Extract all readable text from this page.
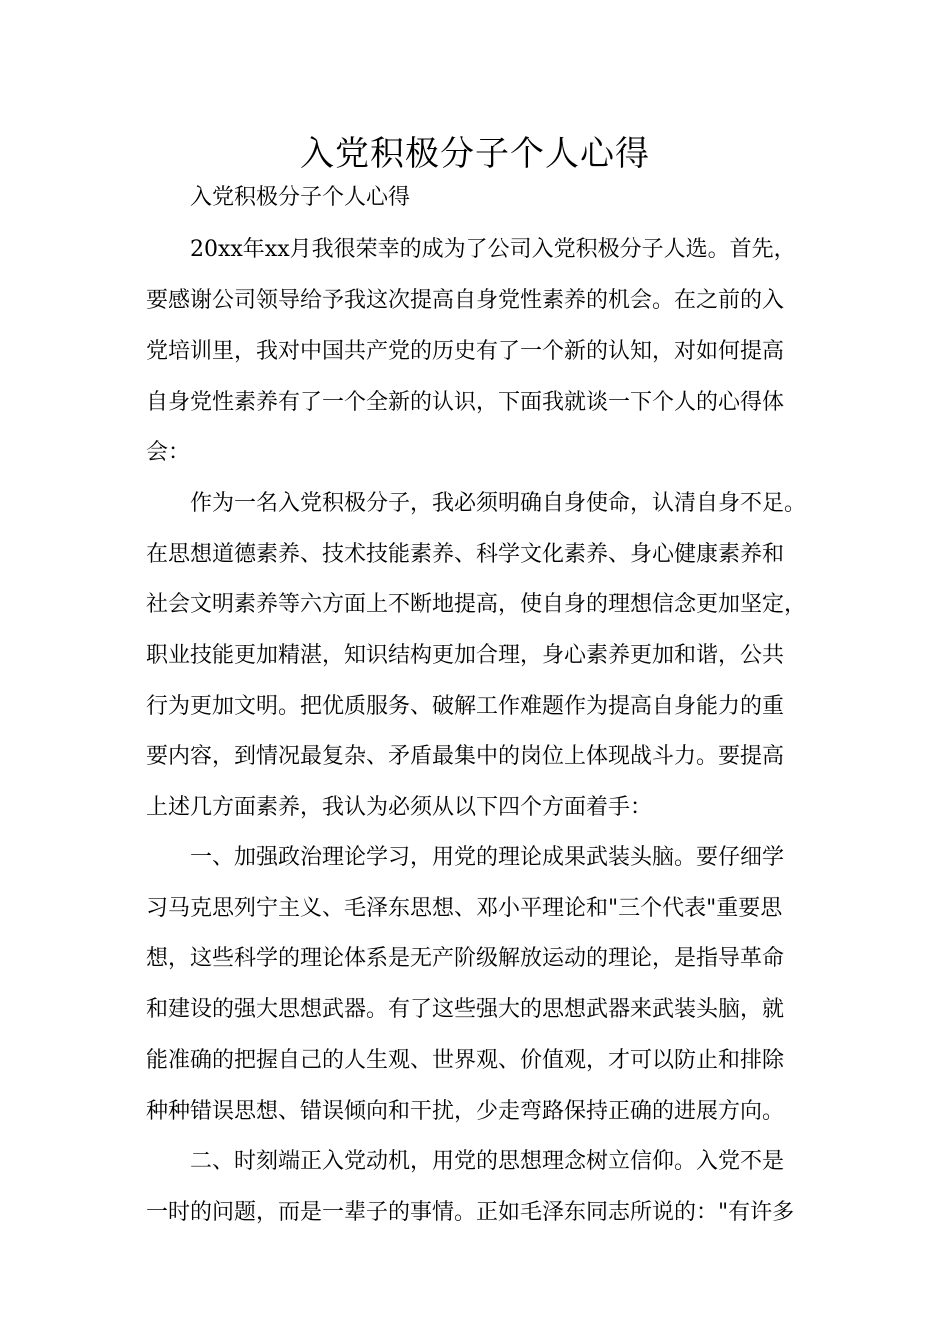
入党积极分子个人心得

入党积极分子个人心得

20xx年xx月我很荣幸的成为了公司入党积极分子人选。首先，

要感谢公司领导给予我这次提高自身党性素养的机会。在之前的入

党培训里，我对中国共产党的历史有了一个新的认知，对如何提高

自身党性素养有了一个全新的认识，下面我就谈一下个人的心得体

会：

作为一名入党积极分子，我必须明确自身使命，认清自身不足。

在思想道德素养、技术技能素养、科学文化素养、身心健康素养和

社会文明素养等六方面上不断地提高，使自身的理想信念更加坚定，

职业技能更加精湛，知识结构更加合理，身心素养更加和谐，公共

行为更加文明。把优质服务、破解工作难题作为提高自身能力的重

要内容，到情况最复杂、矛盾最集中的岗位上体现战斗力。要提高

上述几方面素养，我认为必须从以下四个方面着手：

一、加强政治理论学习，用党的理论成果武装头脑。要仔细学

习马克思列宁主义、毛泽东思想、邓小平理论和"三个代表"重要思

想，这些科学的理论体系是无产阶级解放运动的理论，是指导革命

和建设的强大思想武器。有了这些强大的思想武器来武装头脑，就

能准确的把握自己的人生观、世界观、价值观，才可以防止和排除

种种错误思想、错误倾向和干扰，少走弯路保持正确的进展方向。

二、时刻端正入党动机，用党的思想理念树立信仰。入党不是

一时的问题，而是一辈子的事情。正如毛泽东同志所说的："有许多
